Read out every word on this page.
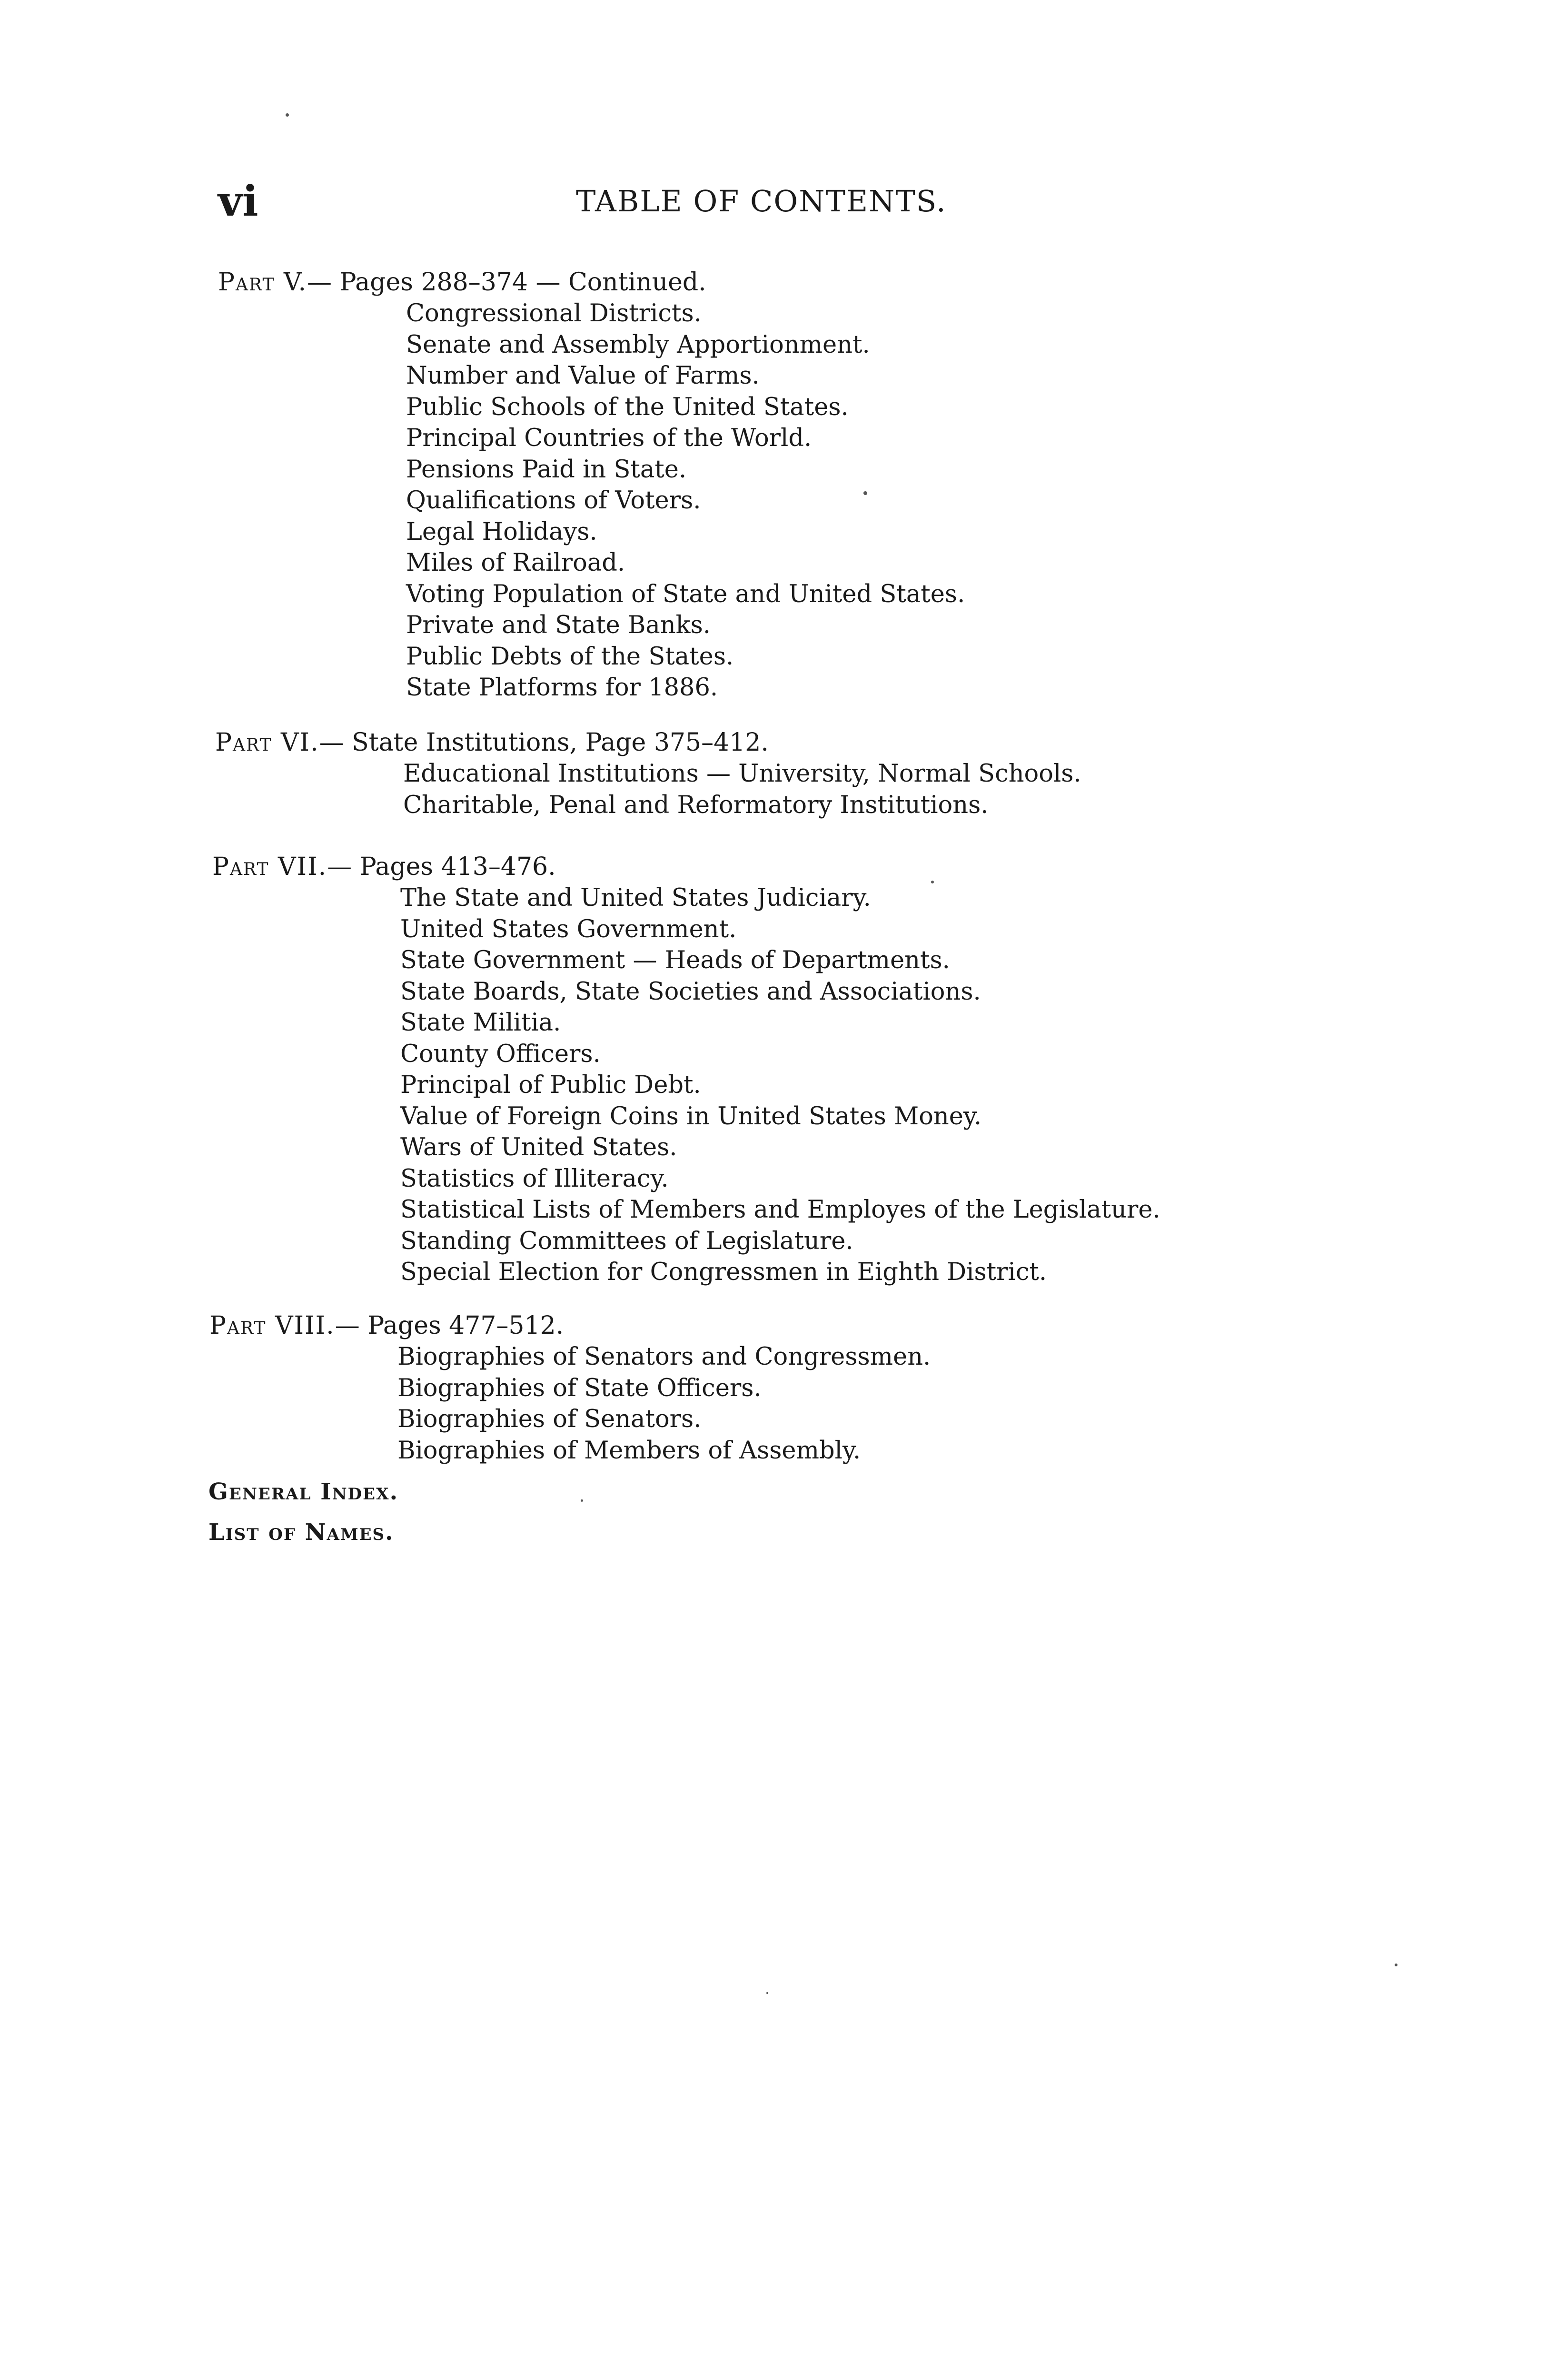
vi	TABLE OF CONTENTS.
Part V.— Pages 288–374 — Continued.
Congressional Districts.
Senate and Assembly Apportionment.
Number and Value of Farms.
Public Schools of the United States.
Principal Countries of the World.
Pensions Paid in State.
Qualifications of Voters.
Legal Holidays.
Miles of Railroad.
Voting Population of State and United States.
Private and State Banks.
Public Debts of the States.
State Platforms for 1886.
Part VI.— State Institutions, Page 375–412.
Educational Institutions — University, Normal Schools.
Charitable, Penal and Reformatory Institutions.
Part VII.— Pages 413–476.
The State and United States Judiciary.
United States Government.
State Government — Heads of Departments.
State Boards, State Societies and Associations.
State Militia.
County Officers.
Principal of Public Debt.
Value of Foreign Coins in United States Money.
Wars of United States.
Statistics of Illiteracy.
Statistical Lists of Members and Employes of the Legislature.
Standing Committees of Legislature.
Special Election for Congressmen in Eighth District.
Part VIII.— Pages 477–512.
Biographies of Senators and Congressmen.
Biographies of State Officers.
Biographies of Senators.
Biographies of Members of Assembly.
General Index.
List of Names.
